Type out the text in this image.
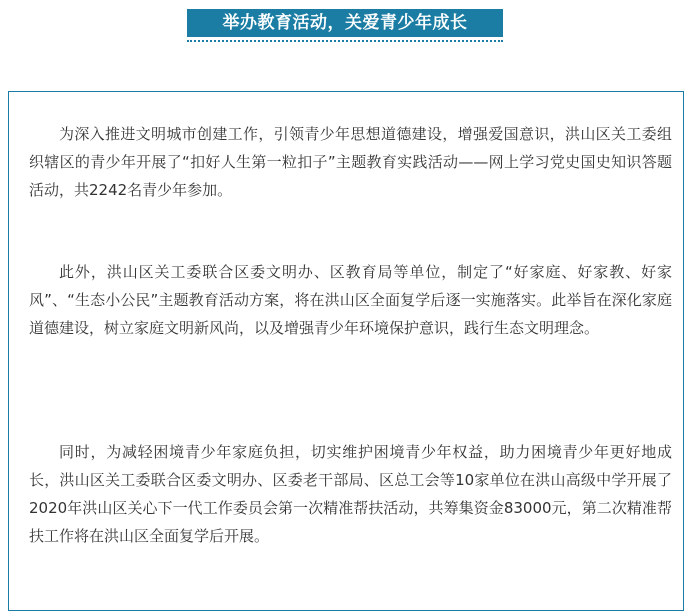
举办教育活动，关爱青少年成长

为深入推进文明城市创建工作，引领青少年思想道德建设，增强爱国意识，洪山区关工委组织辖区的青少年开展了“扣好人生第一粒扣子”主题教育实践活动——网上学习党史国史知识答题活动，共2242名青少年参加。

此外，洪山区关工委联合区委文明办、区教育局等单位，制定了“好家庭、好家教、好家风”、“生态小公民”主题教育活动方案，将在洪山区全面复学后逐一实施落实。此举旨在深化家庭道德建设，树立家庭文明新风尚，以及增强青少年环境保护意识，践行生态文明理念。

同时，为减轻困境青少年家庭负担，切实维护困境青少年权益，助力困境青少年更好地成长，洪山区关工委联合区委文明办、区委老干部局、区总工会等10家单位在洪山高级中学开展了2020年洪山区关心下一代工作委员会第一次精准帮扶活动，共筹集资金83000元，第二次精准帮扶工作将在洪山区全面复学后开展。
